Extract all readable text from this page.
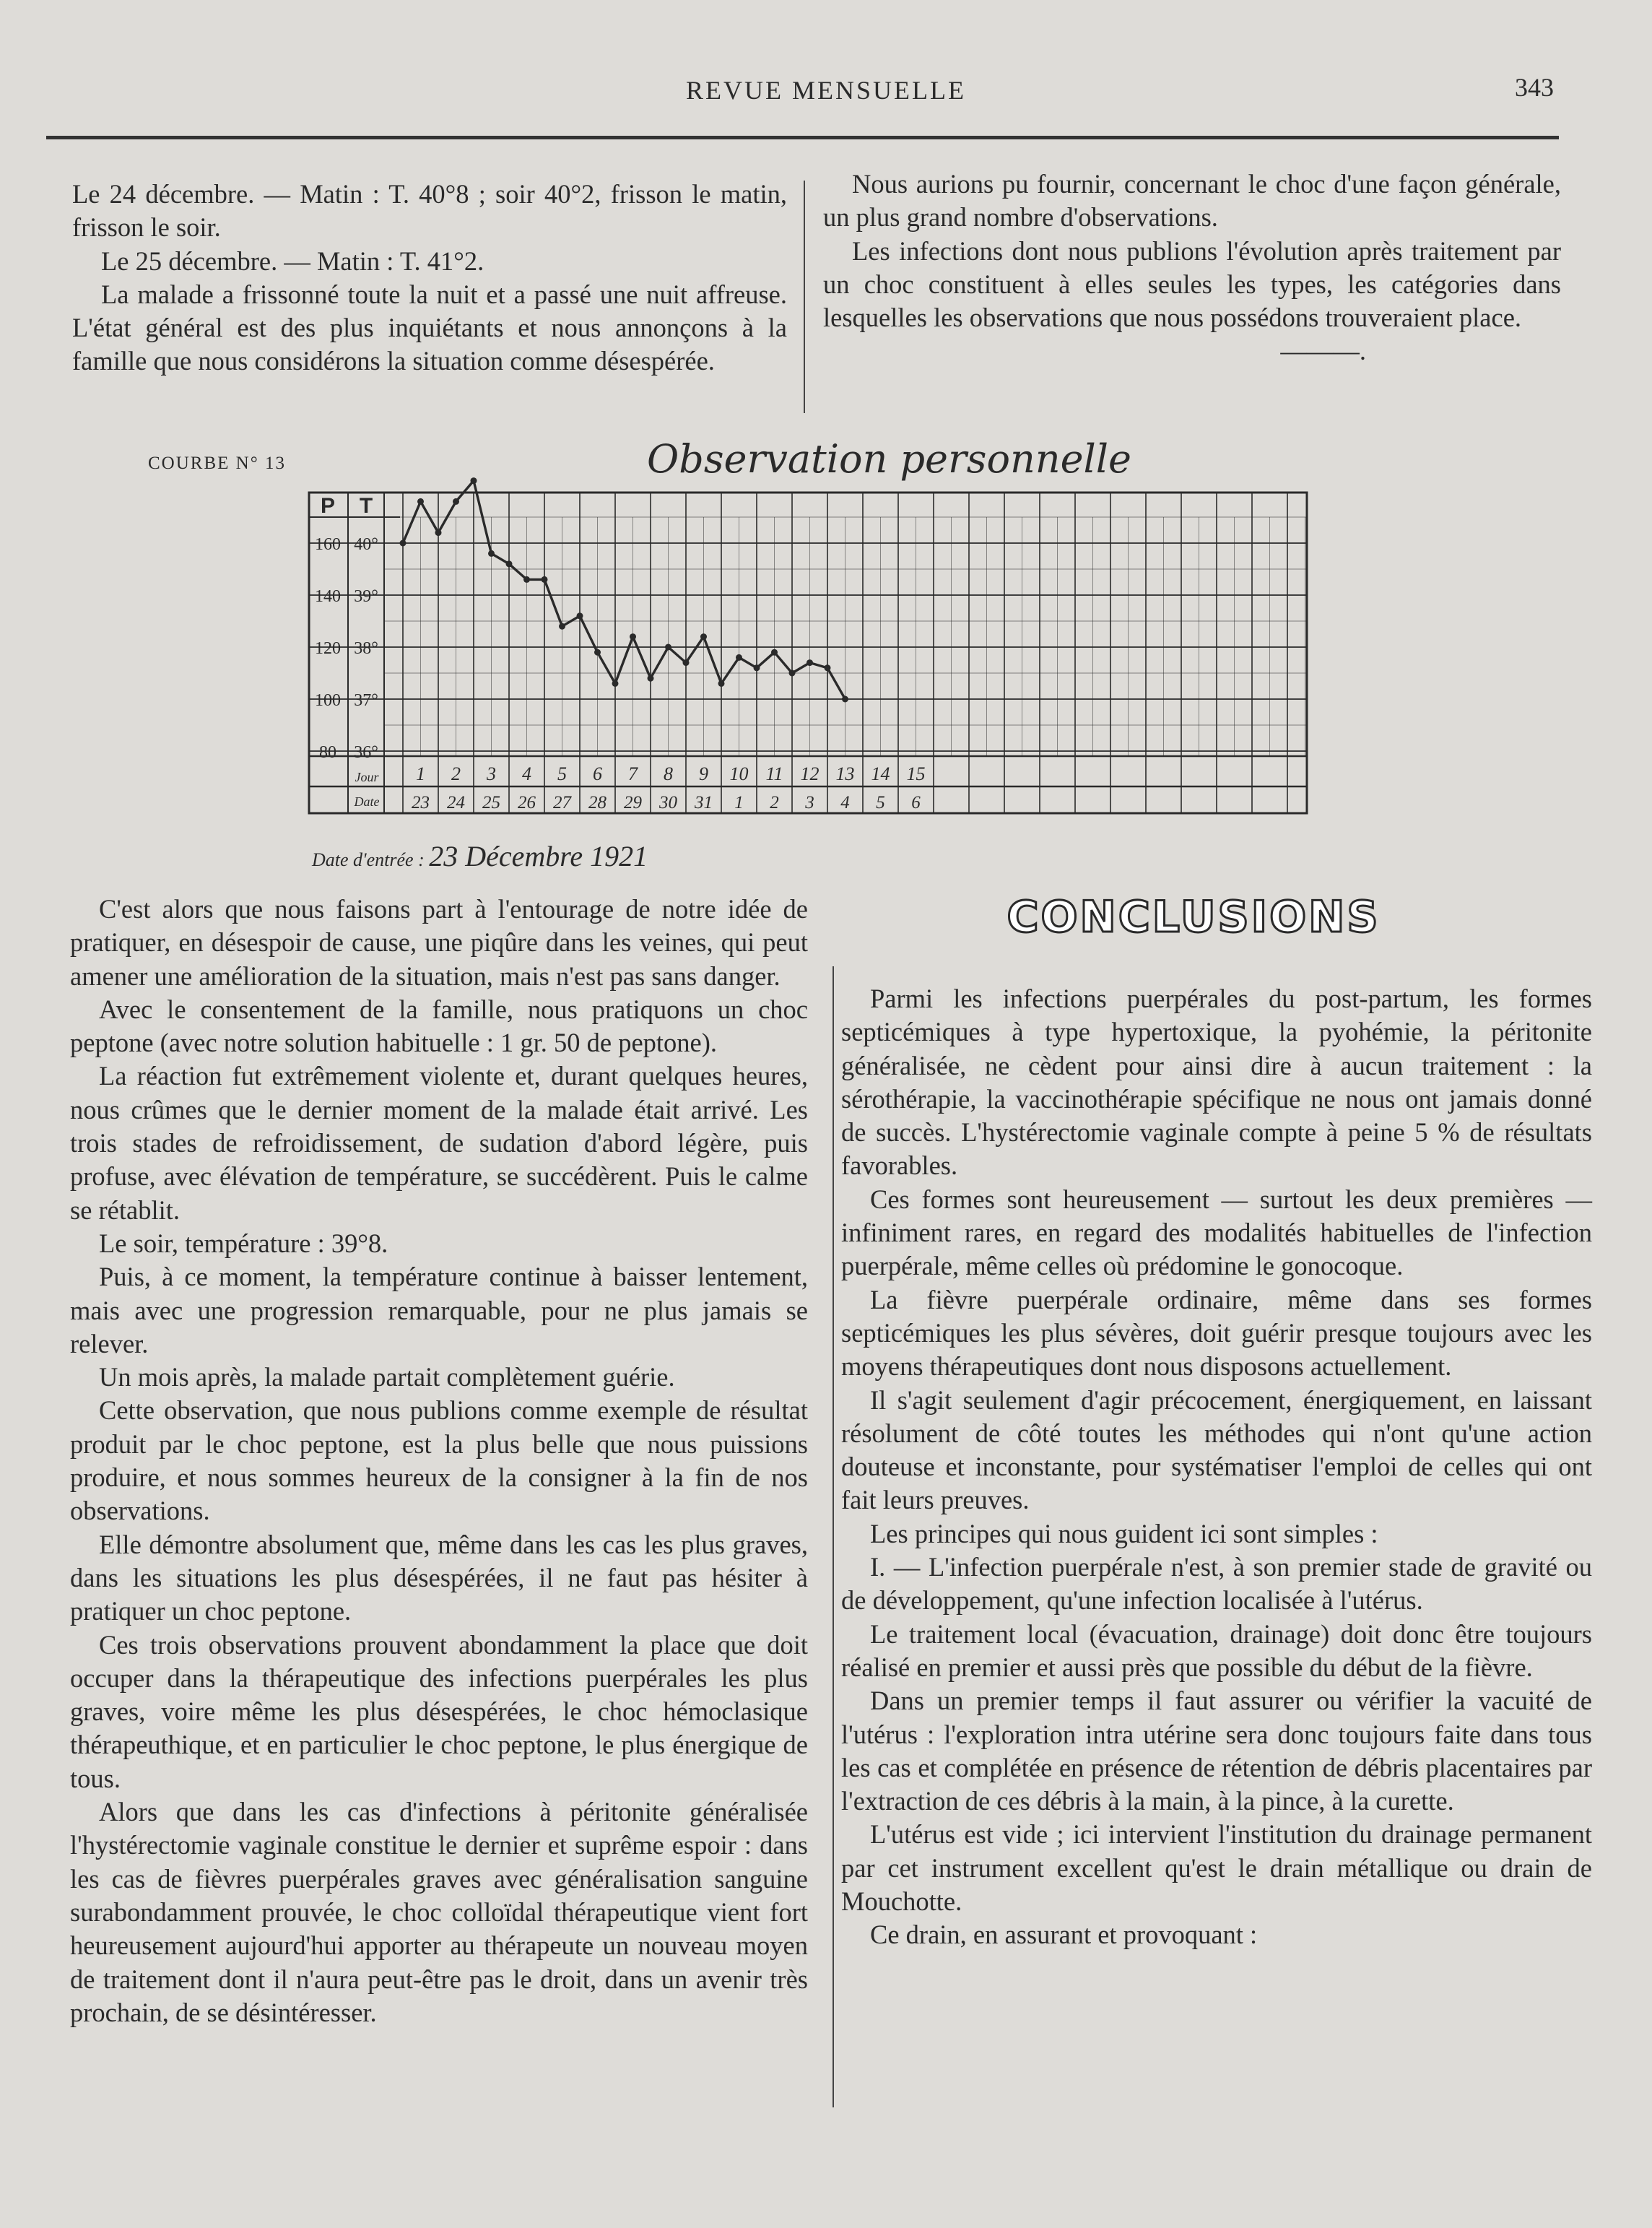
REVUE MENSUELLE	343

Le 24 décembre. — Matin : T. 40°8 ; soir 40°2, frisson le matin, frisson le soir.

Le 25 décembre. — Matin : T. 41°2.

La malade a frissonné toute la nuit et a passé une nuit affreuse. L'état général est des plus inquiétants et nous annonçons à la famille que nous considérons la situation comme désespérée.

Nous aurions pu fournir, concernant le choc d'une façon générale, un plus grand nombre d'observations.

Les infections dont nous publions l'évolution après traitement par un choc constituent à elles seules les types, les catégories dans lesquelles les observations que nous possédons trouveraient place.

———.

COURBE N° 13	Observation personnelle
P T
160
140
120
100
80
40°
39°
38°
37°
36°
Jour
Date
1 2 3 4 5 6 7 8 9 10 11 12 13 14 15
23 24 25 26 27 28 29 30 31 1 2 3 4 5 6
Date d'entrée : 23 Décembre 1921
CONCLUSIONS

C'est alors que nous faisons part à l'entourage de notre idée de pratiquer, en désespoir de cause, une piqûre dans les veines, qui peut amener une amélioration de la situation, mais n'est pas sans danger.

Avec le consentement de la famille, nous pratiquons un choc peptone (avec notre solution habituelle : 1 gr. 50 de peptone).

La réaction fut extrêmement violente et, durant quelques heures, nous crûmes que le dernier moment de la malade était arrivé. Les trois stades de refroidissement, de sudation d'abord légère, puis profuse, avec élévation de température, se succédèrent. Puis le calme se rétablit.

Le soir, température : 39°8.

Puis, à ce moment, la température continue à baisser lentement, mais avec une progression remarquable, pour ne plus jamais se relever.

Un mois après, la malade partait complètement guérie.

Cette observation, que nous publions comme exemple de résultat produit par le choc peptone, est la plus belle que nous puissions produire, et nous sommes heureux de la consigner à la fin de nos observations.

Elle démontre absolument que, même dans les cas les plus graves, dans les situations les plus désespérées, il ne faut pas hésiter à pratiquer un choc peptone.

Ces trois observations prouvent abondamment la place que doit occuper dans la thérapeutique des infections puerpérales les plus graves, voire même les plus désespérées, le choc hémoclasique thérapeuthique, et en particulier le choc peptone, le plus énergique de tous.

Alors que dans les cas d'infections à péritonite généralisée l'hystérectomie vaginale constitue le dernier et suprême espoir : dans les cas de fièvres puerpérales graves avec généralisation sanguine surabondamment prouvée, le choc colloïdal thérapeutique vient fort heureusement aujourd'hui apporter au thérapeute un nouveau moyen de traitement dont il n'aura peut-être pas le droit, dans un avenir très prochain, de se désintéresser.

Parmi les infections puerpérales du post-partum, les formes septicémiques à type hypertoxique, la pyohémie, la péritonite généralisée, ne cèdent pour ainsi dire à aucun traitement : la sérothérapie, la vaccinothérapie spécifique ne nous ont jamais donné de succès. L'hystérectomie vaginale compte à peine 5 % de résultats favorables.

Ces formes sont heureusement — surtout les deux premières — infiniment rares, en regard des modalités habituelles de l'infection puerpérale, même celles où prédomine le gonocoque.

La fièvre puerpérale ordinaire, même dans ses formes septicémiques les plus sévères, doit guérir presque toujours avec les moyens thérapeutiques dont nous disposons actuellement.

Il s'agit seulement d'agir précocement, énergiquement, en laissant résolument de côté toutes les méthodes qui n'ont qu'une action douteuse et inconstante, pour systématiser l'emploi de celles qui ont fait leurs preuves.

Les principes qui nous guident ici sont simples :

I. — L'infection puerpérale n'est, à son premier stade de gravité ou de développement, qu'une infection localisée à l'utérus.

Le traitement local (évacuation, drainage) doit donc être toujours réalisé en premier et aussi près que possible du début de la fièvre.

Dans un premier temps il faut assurer ou vérifier la vacuité de l'utérus : l'exploration intra utérine sera donc toujours faite dans tous les cas et complétée en présence de rétention de débris placentaires par l'extraction de ces débris à la main, à la pince, à la curette.

L'utérus est vide ; ici intervient l'institution du drainage permanent par cet instrument excellent qu'est le drain métallique ou drain de Mouchotte.

Ce drain, en assurant et provoquant :
